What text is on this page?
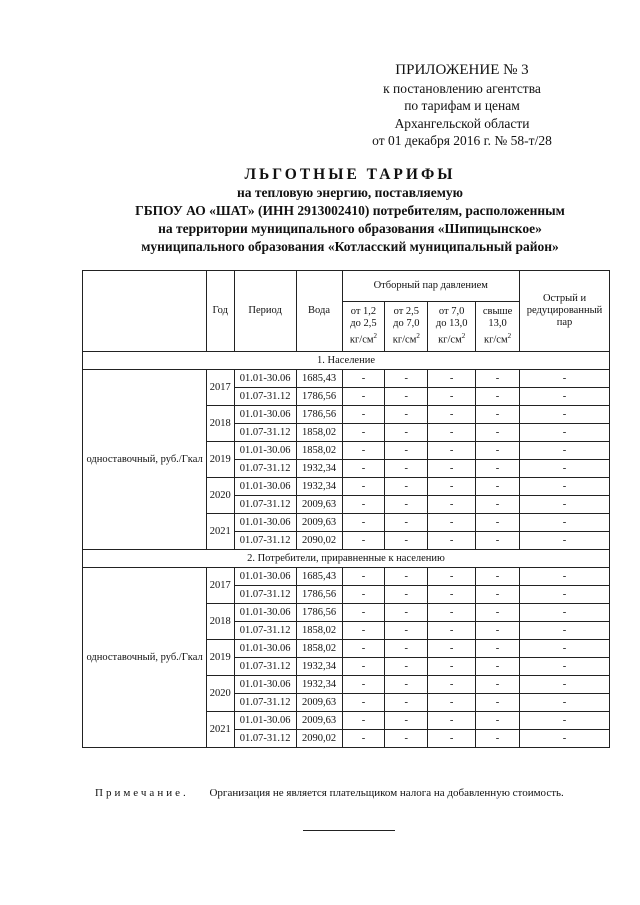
ПРИЛОЖЕНИЕ № 3
к постановлению агентства
по тарифам и ценам
Архангельской области
от 01 декабря 2016 г. № 58-т/28
ЛЬГОТНЫЕ ТАРИФЫ
на тепловую энергию, поставляемую
ГБПОУ АО «ШАТ» (ИНН 2913002410) потребителям, расположенным
на территории муниципального образования «Шипицынское»
муниципального образования «Котласский муниципальный район»
	Год	Период	Вода	Отборный пар давлением				Острый и редуцированный пар
				от 1,2
до 2,5
$кг/см^2$	от 2,5
до 7,0
$кг/см^2$	от 7,0
до 13,0
$кг/см^2$	свыше
13,0
$кг/см^2$
1. Население								
одноставочный, руб./Гкал	2017	01.01-30.06	1685,43	-	-	-	-	-
		01.07-31.12	1786,56	-	-	-	-	-
	2018	01.01-30.06	1786,56	-	-	-	-	-
		01.07-31.12	1858,02	-	-	-	-	-
	2019	01.01-30.06	1858,02	-	-	-	-	-
		01.07-31.12	1932,34	-	-	-	-	-
	2020	01.01-30.06	1932,34	-	-	-	-	-
		01.07-31.12	2009,63	-	-	-	-	-
	2021	01.01-30.06	2009,63	-	-	-	-	-
		01.07-31.12	2090,02	-	-	-	-	-
2. Потребители, приравненные к населению								
одноставочный, руб./Гкал	2017	01.01-30.06	1685,43	-	-	-	-	-
		01.07-31.12	1786,56	-	-	-	-	-
	2018	01.01-30.06	1786,56	-	-	-	-	-
		01.07-31.12	1858,02	-	-	-	-	-
	2019	01.01-30.06	1858,02	-	-	-	-	-
		01.07-31.12	1932,34	-	-	-	-	-
	2020	01.01-30.06	1932,34	-	-	-	-	-
		01.07-31.12	2009,63	-	-	-	-	-
	2021	01.01-30.06	2009,63	-	-	-	-	-
		01.07-31.12	2090,02	-	-	-	-	-
Примечание. Организация не является плательщиком налога на добавленную стоимость.
